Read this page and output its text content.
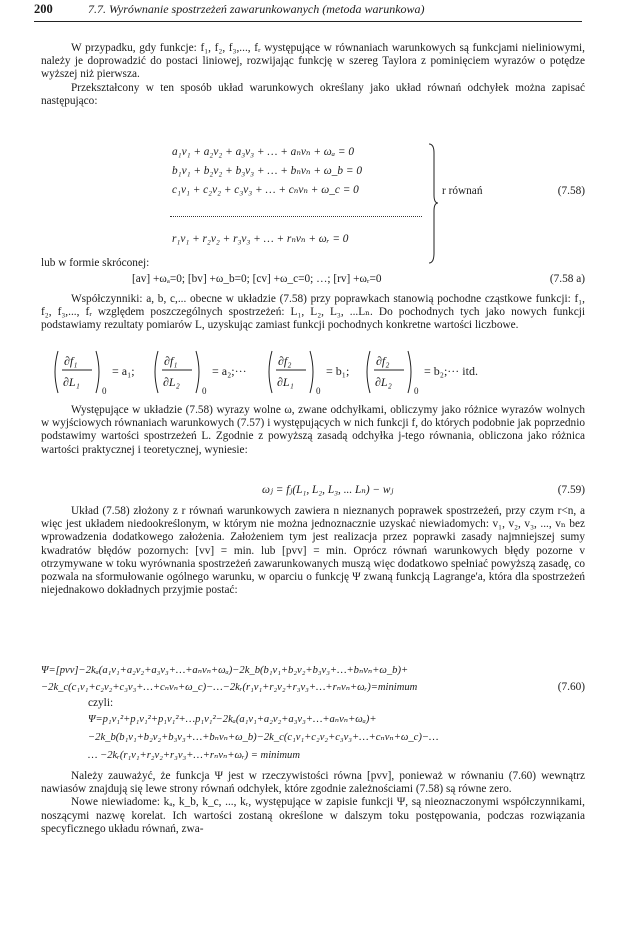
200	7.7. Wyrównanie spostrzeżeń zawarunkowanych (metoda warunkowa)

W przypadku, gdy funkcje: f₁, f₂, f₃,..., fᵣ występujące w równaniach warunkowych są funkcjami nieliniowymi, należy je doprowadzić do postaci liniowej, rozwijając funkcję w szereg Taylora z pominięciem wyrazów o potędze wyższej niż pierwsza.

Przekształcony w ten sposób układ warunkowych określany jako układ równań odchyłek można zapisać następująco:

a₁v₁ + a₂v₂ + a₃v₃ + … + aₙvₙ + ωₐ = 0
b₁v₁ + b₂v₂ + b₃v₃ + … + bₙvₙ + ω_b = 0
c₁v₁ + c₂v₂ + c₃v₃ + … + cₙvₙ + ω_c = 0
r₁v₁ + r₂v₂ + r₃v₃ + … + rₙvₙ + ωᵣ = 0
r równań	(7.58)

lub w formie skróconej:

[av] +ωₐ=0; [bv] +ω_b=0; [cv] +ω_c=0; …; [rv] +ωᵣ=0	(7.58 a)

Współczynniki: a, b, c,... obecne w układzie (7.58) przy poprawkach stanowią pochodne cząstkowe funkcji: f₁, f₂, f₃,..., fᵣ względem poszczególnych spostrzeżeń: L₁, L₂, L₃, ...Lₙ. Do pochodnych tych jako nowych funkcji podstawiamy rezultaty pomiarów L, uzyskując zamiast funkcji pochodnych konkretne wartości liczbowe.

∂f₁
∂L₁
0
= a₁;
∂f₁
∂L₂
0
= a₂;···
∂f₂
∂L₁
0
= b₁;
∂f₂
∂L₂
0
= b₂;··· itd.

Występujące w układzie (7.58) wyrazy wolne ω, zwane odchyłkami, obliczymy jako różnice wyrazów wolnych w wyjściowych równaniach warunkowych (7.57) i występujących w nich funkcji f, do których podobnie jak poprzednio podstawimy wartości spostrzeżeń L. Zgodnie z powyższą zasadą odchyłka j-tego równania, obliczona jako różnica wartości praktycznej i teoretycznej, wyniesie:

ωⱼ = fⱼ(L₁, L₂, L₃, ... Lₙ) − wⱼ	(7.59)

Układ (7.58) złożony z r równań warunkowych zawiera n nieznanych poprawek spostrzeżeń, przy czym r<n, a więc jest układem niedookreślonym, w którym nie można jednoznacznie uzyskać niewiadomych: v₁, v₂, v₃, ..., vₙ bez wprowadzenia dodatkowego założenia. Założeniem tym jest realizacja przez poprawki zasady najmniejszej sumy kwadratów błędów pozornych: [vv] = min. lub [pvv] = min. Oprócz równań warunkowych błędy pozorne v otrzymywane w toku wyrównania spostrzeżeń zawarunkowanych muszą więc dodatkowo spełniać powyższą zasadę, co pozwala na sformułowanie ogólnego warunku, w oparciu o funkcję Ψ zwaną funkcją Lagrange'a, która dla spostrzeżeń niejednakowo dokładnych przyjmie postać:

Ψ=[pvv]−2kₐ(a₁v₁+a₂v₂+a₃v₃+…+aₙvₙ+ωₐ)−2k_b(b₁v₁+b₂v₂+b₃v₃+…+bₙvₙ+ω_b)+
−2k_c(c₁v₁+c₂v₂+c₃v₃+…+cₙvₙ+ω_c)−…−2kᵣ(r₁v₁+r₂v₂+r₃v₃+…+rₙvₙ+ωᵣ)=minimum	(7.60)
czyli:
Ψ=p₁v₁²+p₁v₁²+p₁v₁²+…p₁v₁²−2kₐ(a₁v₁+a₂v₂+a₃v₃+…+aₙvₙ+ωₐ)+
−2k_b(b₁v₁+b₂v₂+b₃v₃+…+bₙvₙ+ω_b)−2k_c(c₁v₁+c₂v₂+c₃v₃+…+cₙvₙ+ω_c)−…
… −2kᵣ(r₁v₁+r₂v₂+r₃v₃+…+rₙvₙ+ωᵣ) = minimum

Należy zauważyć, że funkcja Ψ jest w rzeczywistości równa [pvv], ponieważ w równaniu (7.60) wewnątrz nawiasów znajdują się lewe strony równań odchyłek, które zgodnie zależnościami (7.58) są równe zero.

Nowe niewiadome: kₐ, k_b, k_c, ..., kᵣ, występujące w zapisie funkcji Ψ, są nieoznaczonymi współczynnikami, noszącymi nazwę korelat. Ich wartości zostaną określone w dalszym toku postępowania, podczas rozwiązania specyficznego układu równań, zwa-
